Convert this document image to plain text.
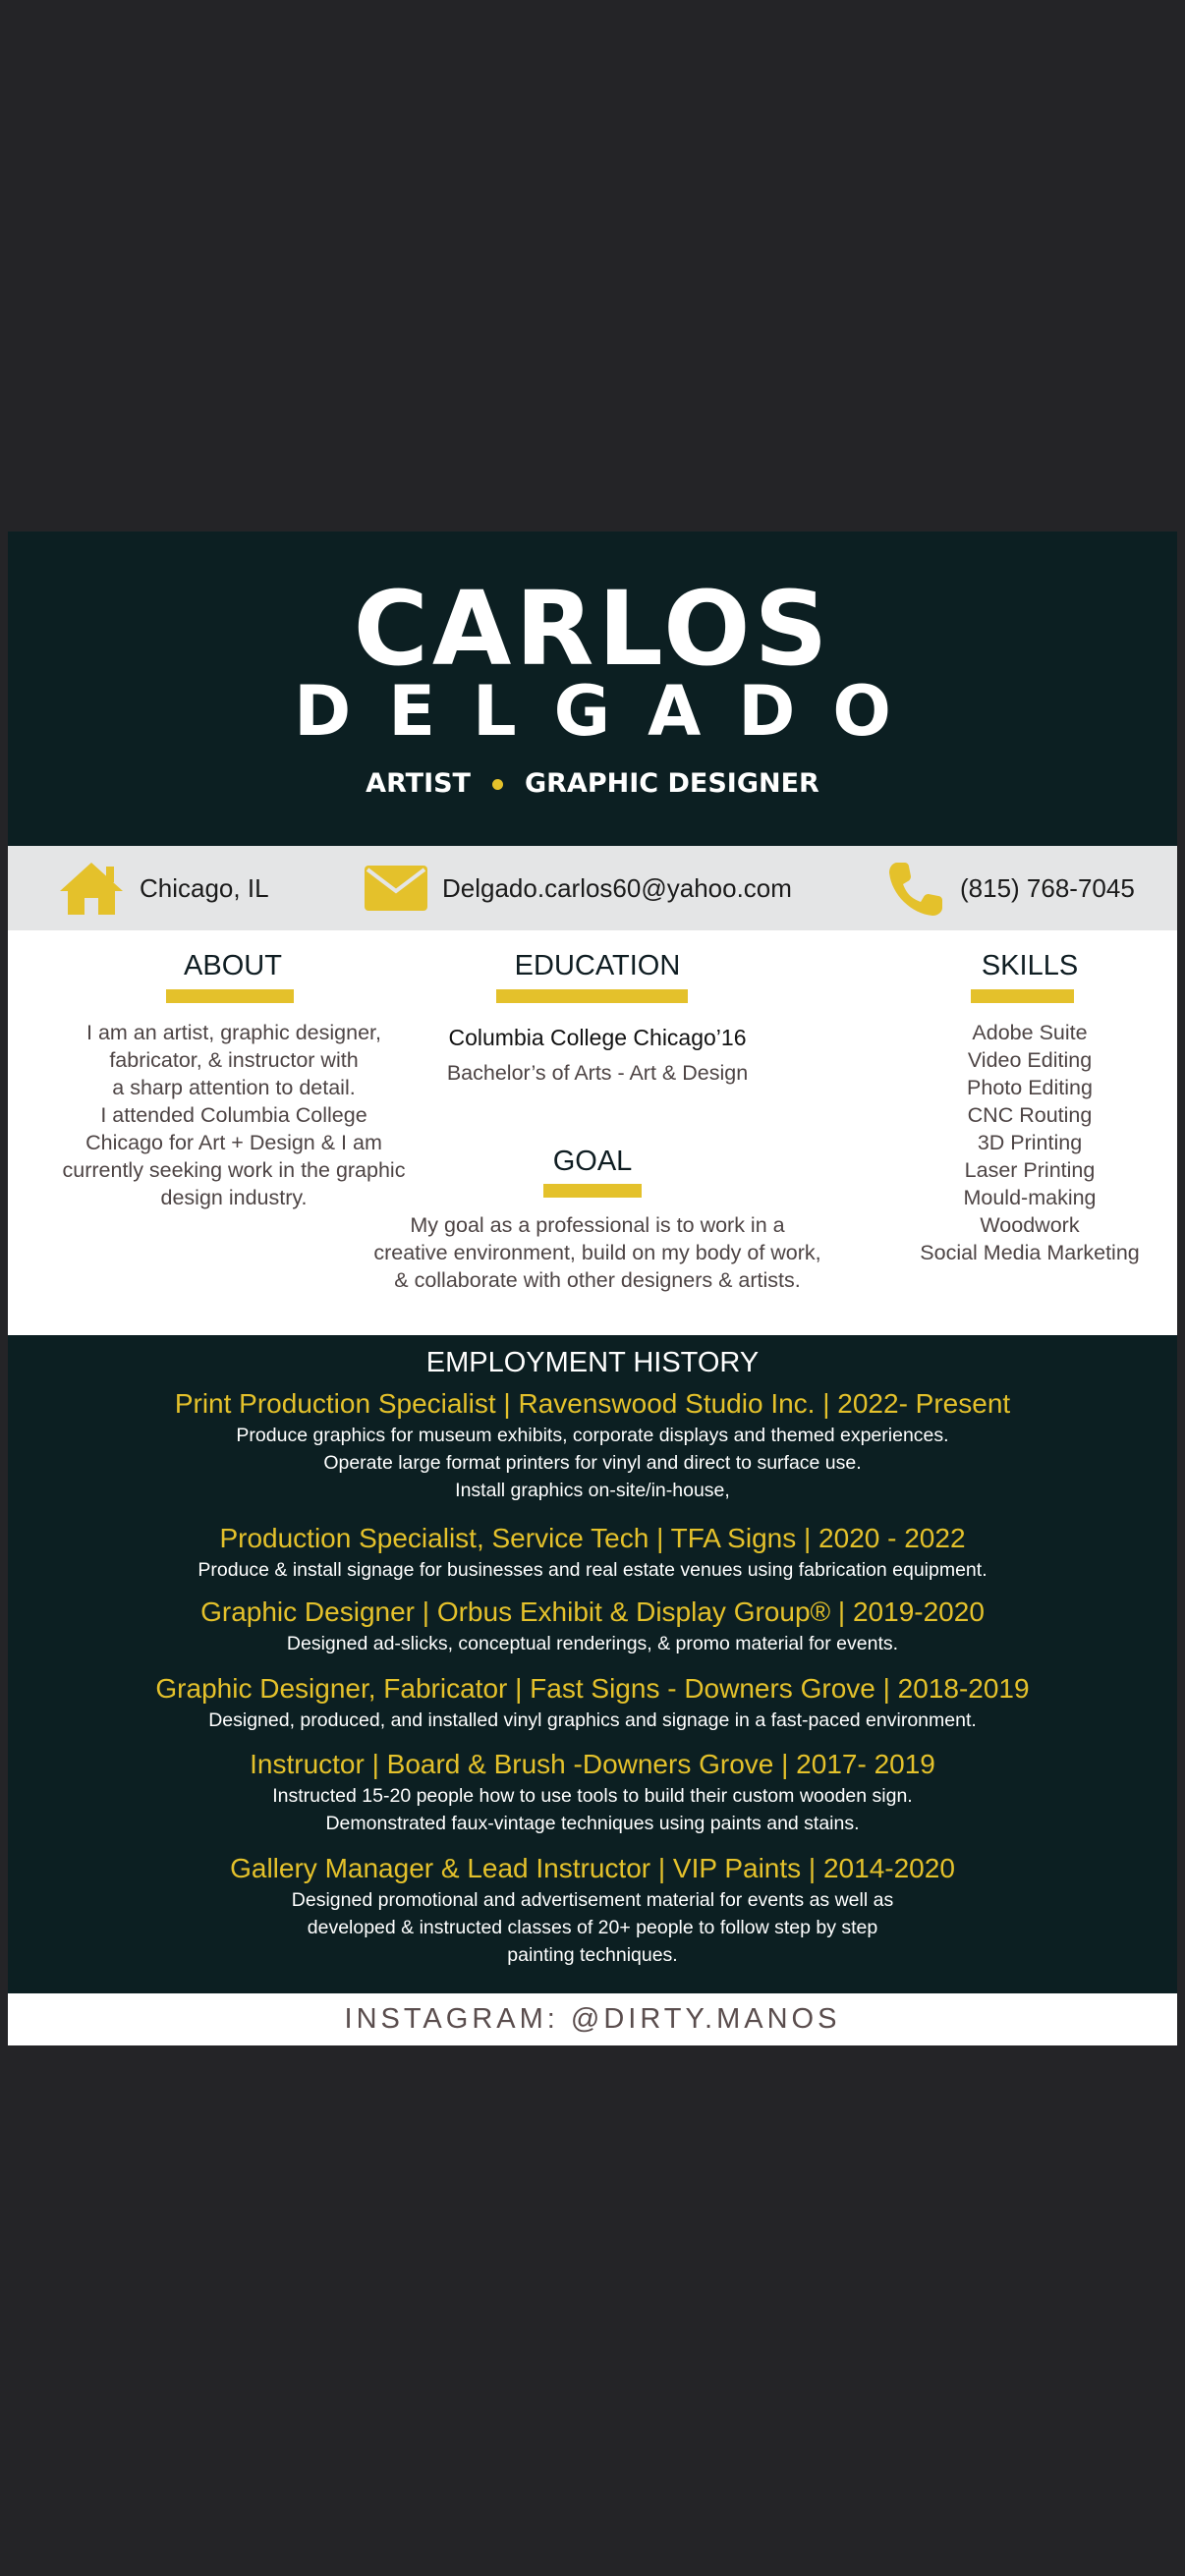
CARLOS
DELGADO
ARTIST GRAPHIC DESIGNER
Chicago, IL	Delgado.carlos60@yahoo.com	(815) 768-7045
ABOUT
I am an artist, graphic designer,
fabricator, & instructor with
a sharp attention to detail.
I attended Columbia College
Chicago for Art + Design & I am
currently seeking work in the graphic
design industry.
EDUCATION
Columbia College Chicago’16
Bachelor’s of Arts - Art & Design
GOAL
My goal as a professional is to work in a
creative environment, build on my body of work,
& collaborate with other designers & artists.
SKILLS
Adobe Suite
Video Editing
Photo Editing
CNC Routing
3D Printing
Laser Printing
Mould-making
Woodwork
Social Media Marketing
EMPLOYMENT HISTORY
Print Production Specialist | Ravenswood Studio Inc. | 2022- Present
Produce graphics for museum exhibits, corporate displays and themed experiences.
Operate large format printers for vinyl and direct to surface use.
Install graphics on-site/in-house,
Production Specialist, Service Tech | TFA Signs | 2020 - 2022
Produce & install signage for businesses and real estate venues using fabrication equipment.
Graphic Designer | Orbus Exhibit & Display Group® | 2019-2020
Designed ad-slicks, conceptual renderings, & promo material for events.
Graphic Designer, Fabricator | Fast Signs - Downers Grove | 2018-2019
Designed, produced, and installed vinyl graphics and signage in a fast-paced environment.
Instructor | Board & Brush -Downers Grove | 2017- 2019
Instructed 15-20 people how to use tools to build their custom wooden sign.
Demonstrated faux-vintage techniques using paints and stains.
Gallery Manager & Lead Instructor | VIP Paints | 2014-2020
Designed promotional and advertisement material for events as well as
developed & instructed classes of 20+ people to follow step by step
painting techniques.
INSTAGRAM: @DIRTY.MANOS
